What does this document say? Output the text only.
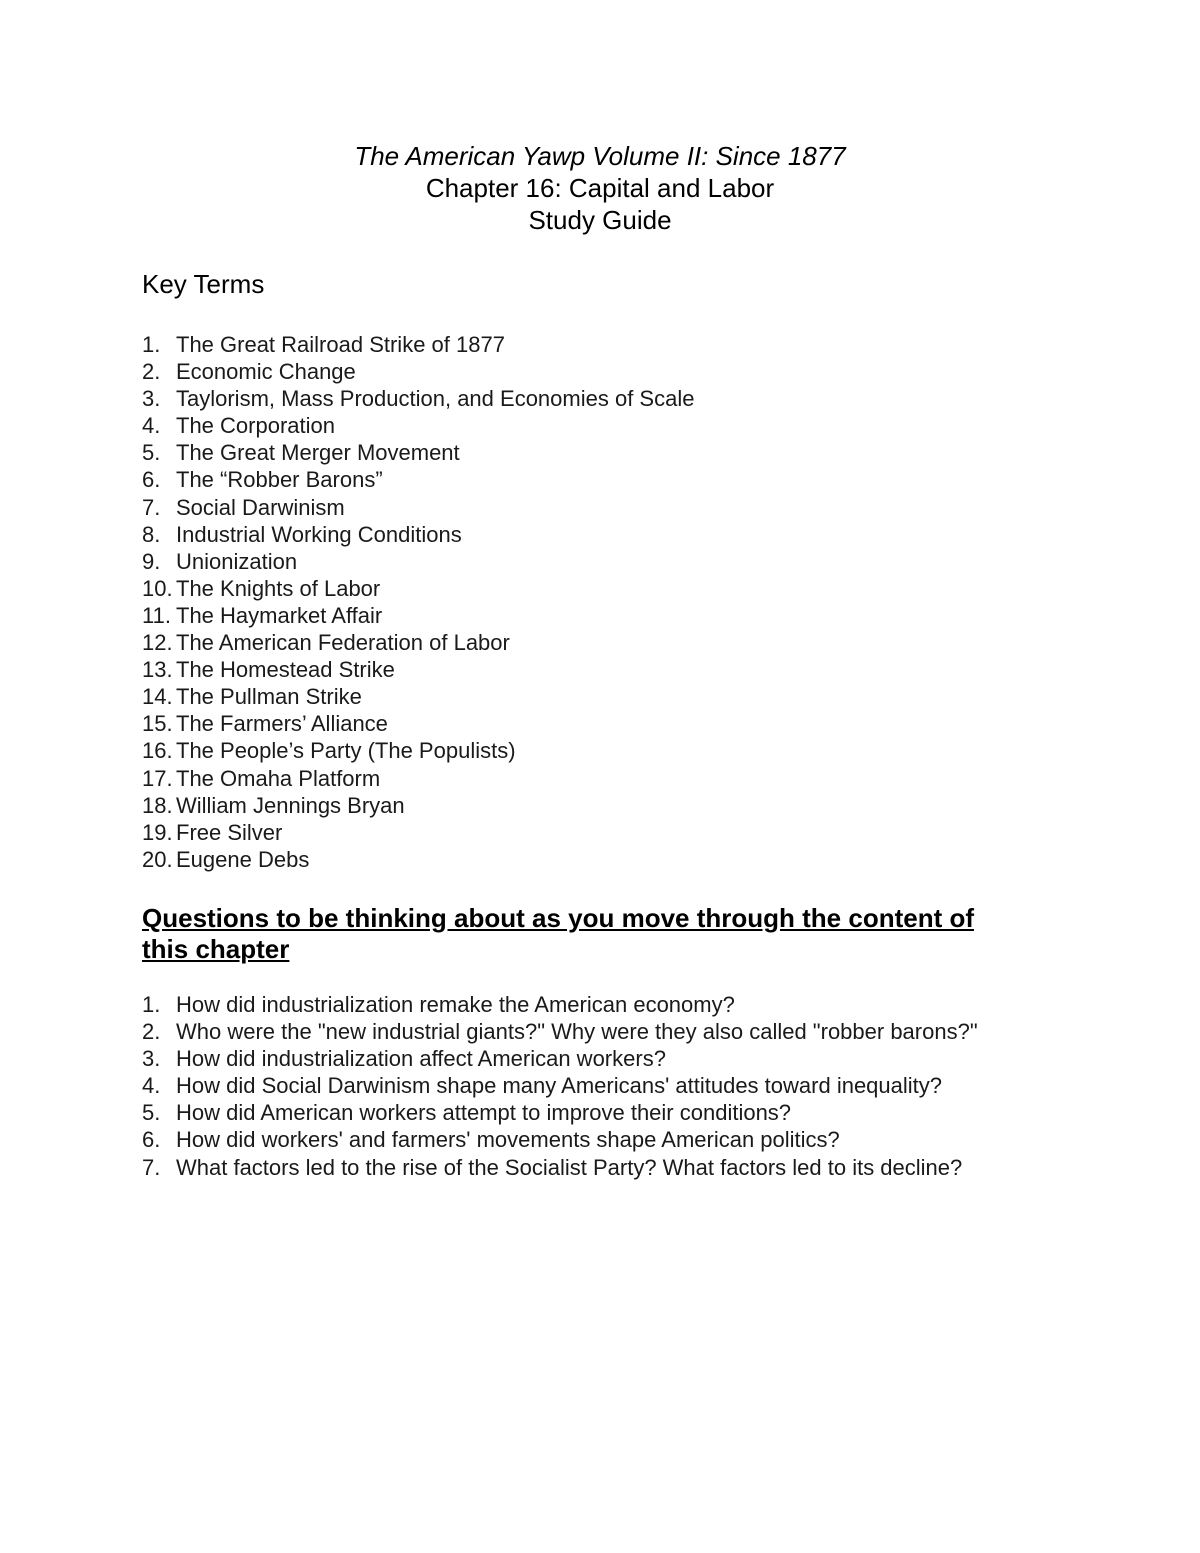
The American Yawp Volume II: Since 1877
Chapter 16: Capital and Labor
Study Guide
Key Terms
1. The Great Railroad Strike of 1877
2. Economic Change
3. Taylorism, Mass Production, and Economies of Scale
4. The Corporation
5. The Great Merger Movement
6. The “Robber Barons”
7. Social Darwinism
8. Industrial Working Conditions
9. Unionization
10. The Knights of Labor
11. The Haymarket Affair
12. The American Federation of Labor
13. The Homestead Strike
14. The Pullman Strike
15. The Farmers’ Alliance
16. The People’s Party (The Populists)
17. The Omaha Platform
18. William Jennings Bryan
19. Free Silver
20. Eugene Debs
Questions to be thinking about as you move through the content of this chapter
1. How did industrialization remake the American economy?
2. Who were the "new industrial giants?" Why were they also called "robber barons?"
3. How did industrialization affect American workers?
4. How did Social Darwinism shape many Americans' attitudes toward inequality?
5. How did American workers attempt to improve their conditions?
6. How did workers' and farmers' movements shape American politics?
7. What factors led to the rise of the Socialist Party? What factors led to its decline?
